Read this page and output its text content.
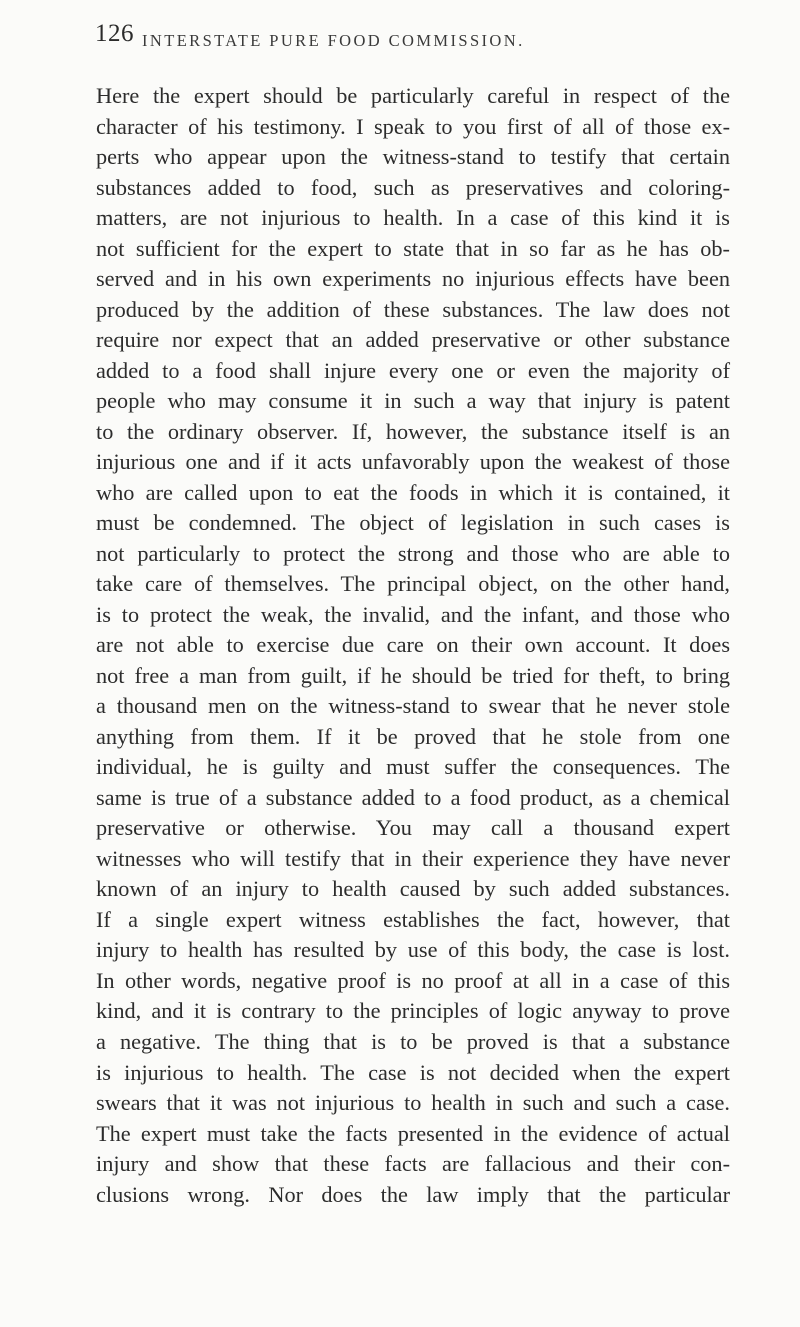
126 INTERSTATE PURE FOOD COMMISSION.
Here the expert should be particularly careful in respect of the
character of his testimony. I speak to you first of all of those ex-
perts who appear upon the witness-stand to testify that certain
substances added to food, such as preservatives and coloring-
matters, are not injurious to health. In a case of this kind it is
not sufficient for the expert to state that in so far as he has ob-
served and in his own experiments no injurious effects have been
produced by the addition of these substances. The law does not
require nor expect that an added preservative or other substance
added to a food shall injure every one or even the majority of
people who may consume it in such a way that injury is patent
to the ordinary observer. If, however, the substance itself is an
injurious one and if it acts unfavorably upon the weakest of those
who are called upon to eat the foods in which it is contained, it
must be condemned. The object of legislation in such cases is
not particularly to protect the strong and those who are able to
take care of themselves. The principal object, on the other hand,
is to protect the weak, the invalid, and the infant, and those who
are not able to exercise due care on their own account. It does
not free a man from guilt, if he should be tried for theft, to bring
a thousand men on the witness-stand to swear that he never stole
anything from them. If it be proved that he stole from one
individual, he is guilty and must suffer the consequences. The
same is true of a substance added to a food product, as a chemical
preservative or otherwise. You may call a thousand expert
witnesses who will testify that in their experience they have never
known of an injury to health caused by such added substances.
If a single expert witness establishes the fact, however, that
injury to health has resulted by use of this body, the case is lost.
In other words, negative proof is no proof at all in a case of this
kind, and it is contrary to the principles of logic anyway to prove
a negative. The thing that is to be proved is that a substance
is injurious to health. The case is not decided when the expert
swears that it was not injurious to health in such and such a case.
The expert must take the facts presented in the evidence of actual
injury and show that these facts are fallacious and their con-
clusions wrong. Nor does the law imply that the particular
